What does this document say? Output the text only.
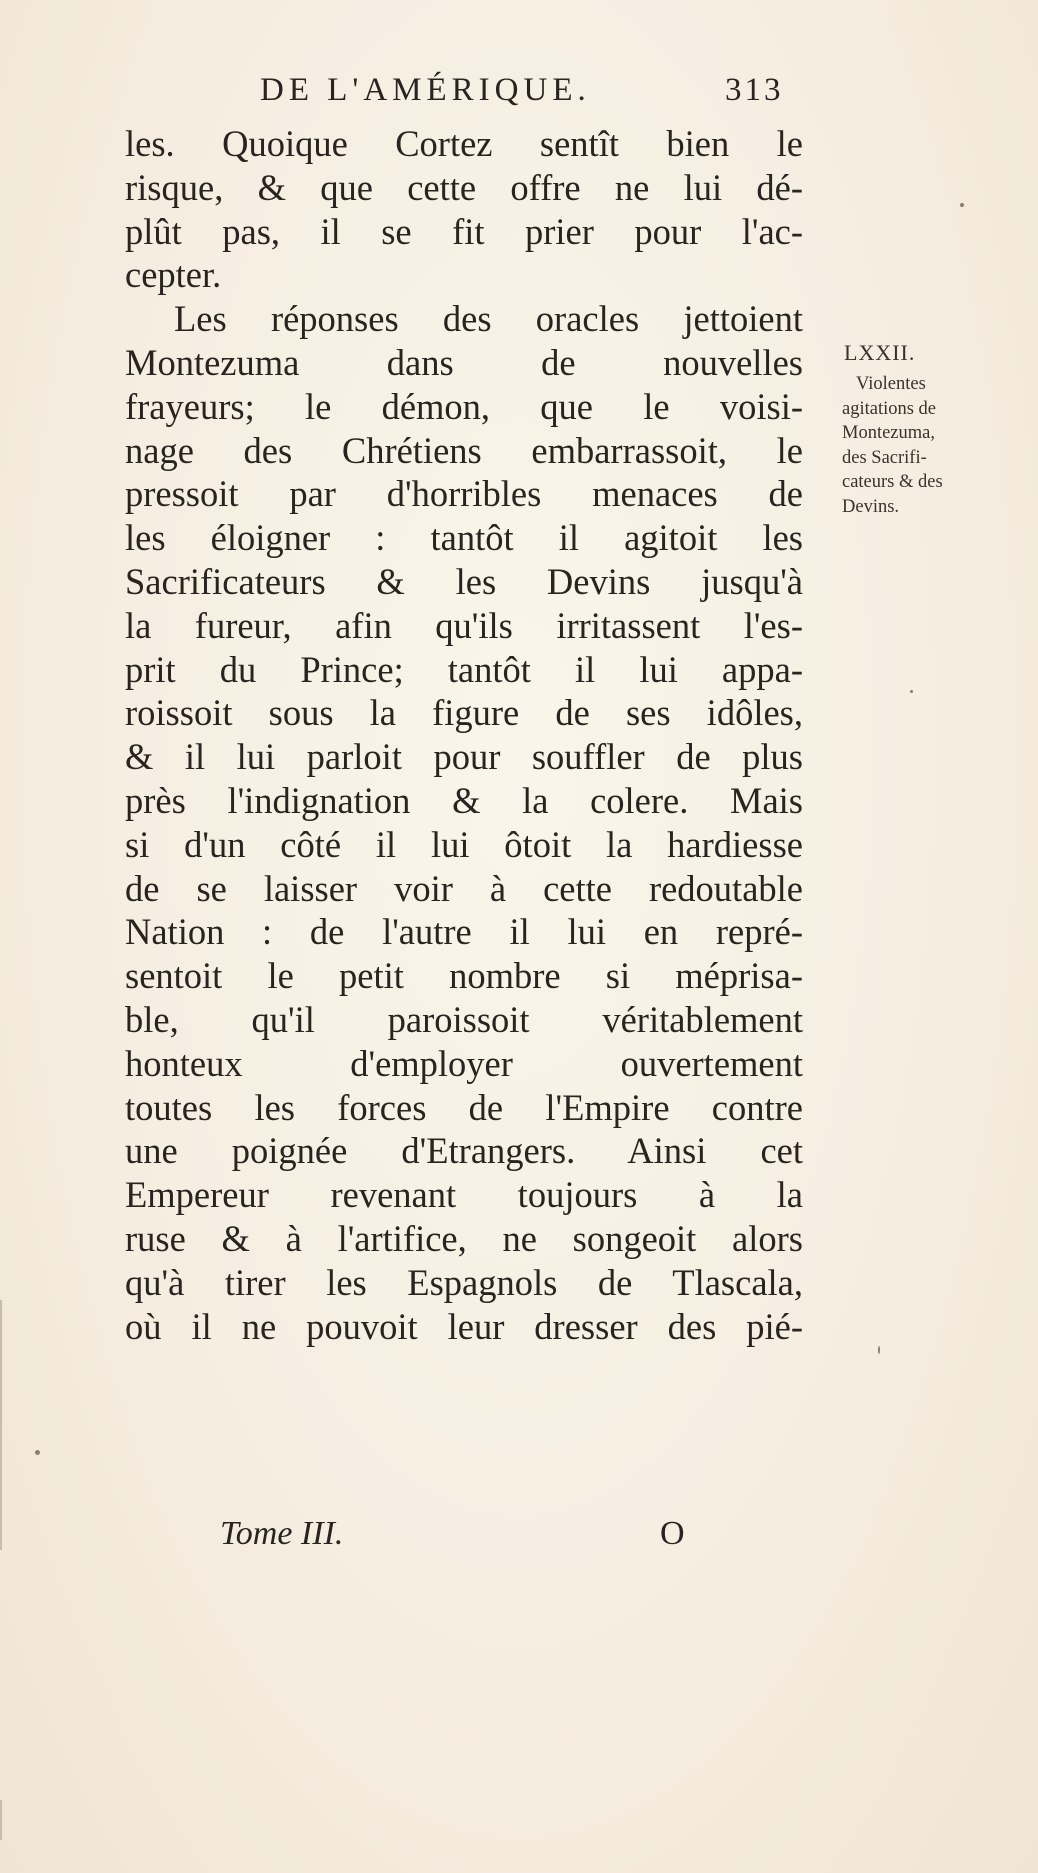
DE L'AMÉRIQUE.	313
les. Quoique Cortez sentît bien le
risque, & que cette offre ne lui dé-
plût pas, il se fit prier pour l'ac-
cepter.
Les réponses des oracles jettoient
Montezuma dans de nouvelles
frayeurs; le démon, que le voisi-
nage des Chrétiens embarrassoit, le
pressoit par d'horribles menaces de
les éloigner : tantôt il agitoit les
Sacrificateurs & les Devins jusqu'à
la fureur, afin qu'ils irritassent l'es-
prit du Prince; tantôt il lui appa-
roissoit sous la figure de ses idôles,
& il lui parloit pour souffler de plus
près l'indignation & la colere. Mais
si d'un côté il lui ôtoit la hardiesse
de se laisser voir à cette redoutable
Nation : de l'autre il lui en repré-
sentoit le petit nombre si méprisa-
ble, qu'il paroissoit véritablement
honteux d'employer ouvertement
toutes les forces de l'Empire contre
une poignée d'Etrangers. Ainsi cet
Empereur revenant toujours à la
ruse & à l'artifice, ne songeoit alors
qu'à tirer les Espagnols de Tlascala,
où il ne pouvoit leur dresser des pié-
LXXII.
Violentes
agitations de
Montezuma,
des Sacrifi-
cateurs & des
Devins.
Tome III.	O
